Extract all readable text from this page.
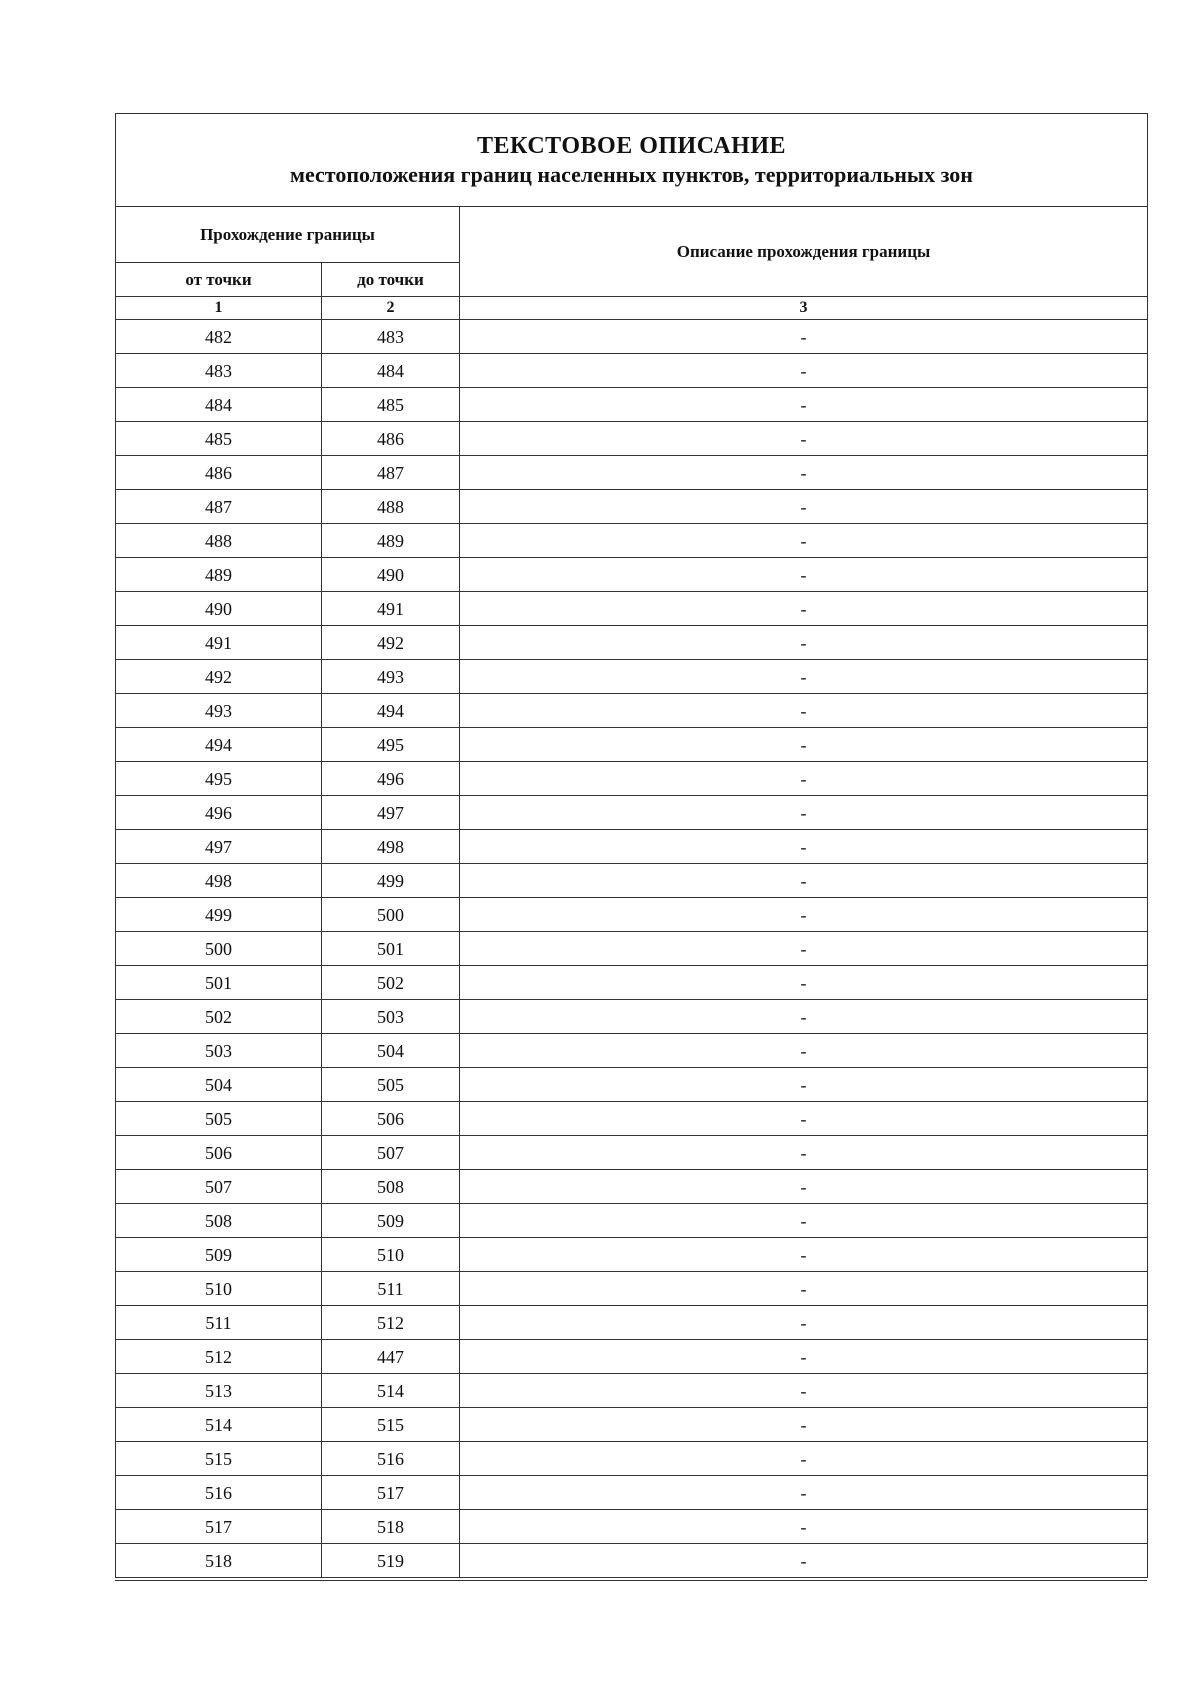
ТЕКСТОВОЕ ОПИСАНИЕ
местоположения границ населенных пунктов, территориальных зон		

Прохождение границы		Описание прохождения границы
от точки	до точки	
1	2	3
482	483	-
483	484	-
484	485	-
485	486	-
486	487	-
487	488	-
488	489	-
489	490	-
490	491	-
491	492	-
492	493	-
493	494	-
494	495	-
495	496	-
496	497	-
497	498	-
498	499	-
499	500	-
500	501	-
501	502	-
502	503	-
503	504	-
504	505	-
505	506	-
506	507	-
507	508	-
508	509	-
509	510	-
510	511	-
511	512	-
512	447	-
513	514	-
514	515	-
515	516	-
516	517	-
517	518	-
518	519	-
